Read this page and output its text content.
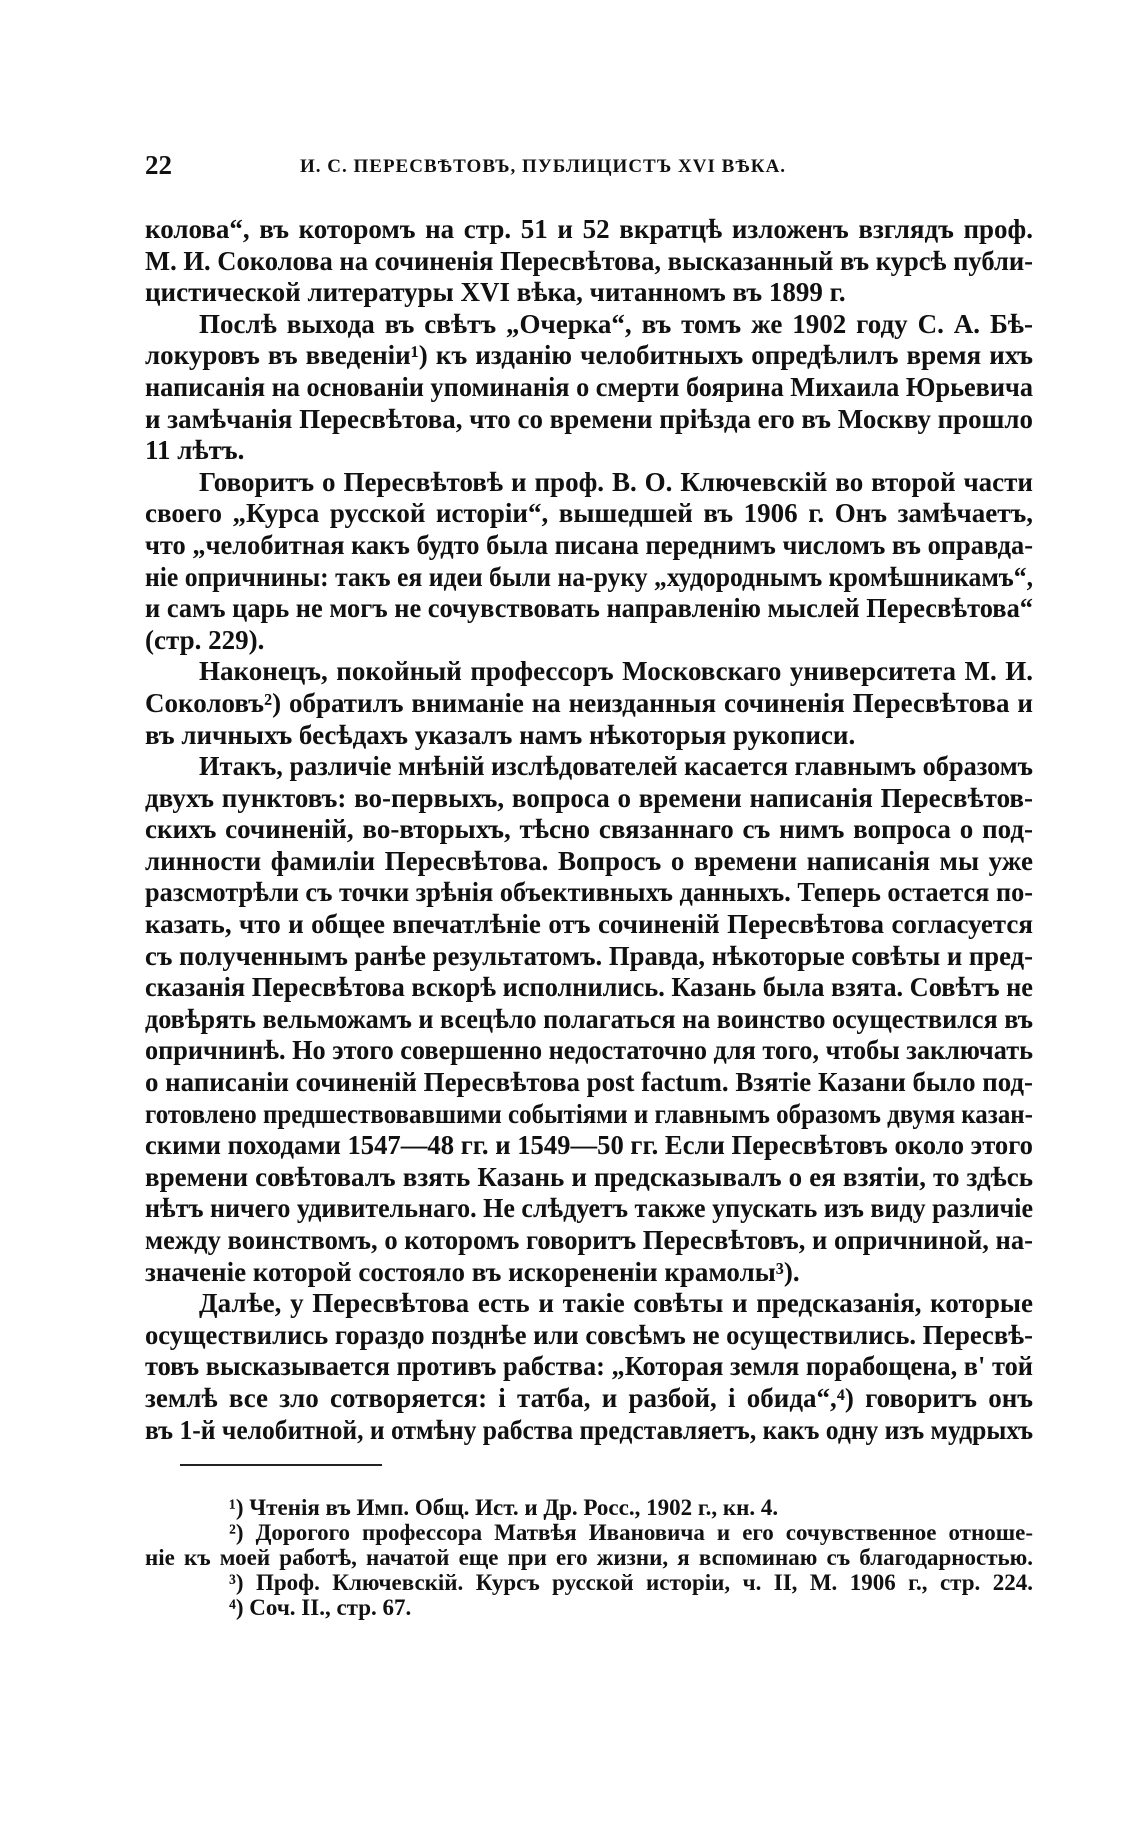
22	И. С. ПЕРЕСВѢТОВЪ, ПУБЛИЦИСТЪ XVI ВѢКА.
колова“, въ которомъ на стр. 51 и 52 вкратцѣ изложенъ взглядъ проф.
М. И. Соколова на сочиненія Пересвѣтова, высказанный въ курсѣ публи-
цистической литературы XVI вѣка, читанномъ въ 1899 г.
Послѣ выхода въ свѣтъ „Очерка“, въ томъ же 1902 году С. А. Бѣ-
локуровъ въ введеніи¹) къ изданію челобитныхъ опредѣлилъ время ихъ
написанія на основаніи упоминанія о смерти боярина Михаила Юрьевича
и замѣчанія Пересвѣтова, что со времени пріѣзда его въ Москву прошло
11 лѣтъ.
Говоритъ о Пересвѣтовѣ и проф. В. О. Ключевскій во второй части
своего „Курса русской исторіи“, вышедшей въ 1906 г. Онъ замѣчаетъ,
что „челобитная какъ будто была писана переднимъ числомъ въ оправда-
ніе опричнины: такъ ея идеи были на-руку „худороднымъ кромѣшникамъ“,
и самъ царь не могъ не сочувствовать направленію мыслей Пересвѣтова“
(стр. 229).
Наконецъ, покойный профессоръ Московскаго университета М. И.
Соколовъ²) обратилъ вниманіе на неизданныя сочиненія Пересвѣтова и
въ личныхъ бесѣдахъ указалъ намъ нѣкоторыя рукописи.
Итакъ, различіе мнѣній изслѣдователей касается главнымъ образомъ
двухъ пунктовъ: во-первыхъ, вопроса о времени написанія Пересвѣтов-
скихъ сочиненій, во-вторыхъ, тѣсно связаннаго съ нимъ вопроса о под-
линности фамиліи Пересвѣтова. Вопросъ о времени написанія мы уже
разсмотрѣли съ точки зрѣнія объективныхъ данныхъ. Теперь остается по-
казать, что и общее впечатлѣніе отъ сочиненій Пересвѣтова согласуется
съ полученнымъ ранѣе результатомъ. Правда, нѣкоторые совѣты и пред-
сказанія Пересвѣтова вскорѣ исполнились. Казань была взята. Совѣтъ не
довѣрять вельможамъ и всецѣло полагаться на воинство осуществился въ
опричнинѣ. Но этого совершенно недостаточно для того, чтобы заключать
о написаніи сочиненій Пересвѣтова post factum. Взятіе Казани было под-
готовлено предшествовавшими событіями и главнымъ образомъ двумя казан-
скими походами 1547—48 гг. и 1549—50 гг. Если Пересвѣтовъ около этого
времени совѣтовалъ взять Казань и предсказывалъ о ея взятіи, то здѣсь
нѣтъ ничего удивительнаго. Не слѣдуетъ также упускать изъ виду различіе
между воинствомъ, о которомъ говоритъ Пересвѣтовъ, и опричниной, на-
значеніе которой состояло въ искорененіи крамолы³).
Далѣе, у Пересвѣтова есть и такіе совѣты и предсказанія, которые
осуществились гораздо позднѣе или совсѣмъ не осуществились. Пересвѣ-
товъ высказывается противъ рабства: „Которая земля порабощена, в' той
землѣ все зло сотворяется: і татба, и разбой, і обида“,⁴) говоритъ онъ
въ 1-й челобитной, и отмѣну рабства представляетъ, какъ одну изъ мудрыхъ
¹) Чтенія въ Имп. Общ. Ист. и Др. Росс., 1902 г., кн. 4.
²) Дорогого профессора Матвѣя Ивановича и его сочувственное отноше-
ніе къ моей работѣ, начатой еще при его жизни, я вспоминаю съ благодарностью.
³) Проф. Ключевскій. Курсъ русской исторіи, ч. II, М. 1906 г., стр. 224.
⁴) Соч. II., стр. 67.
